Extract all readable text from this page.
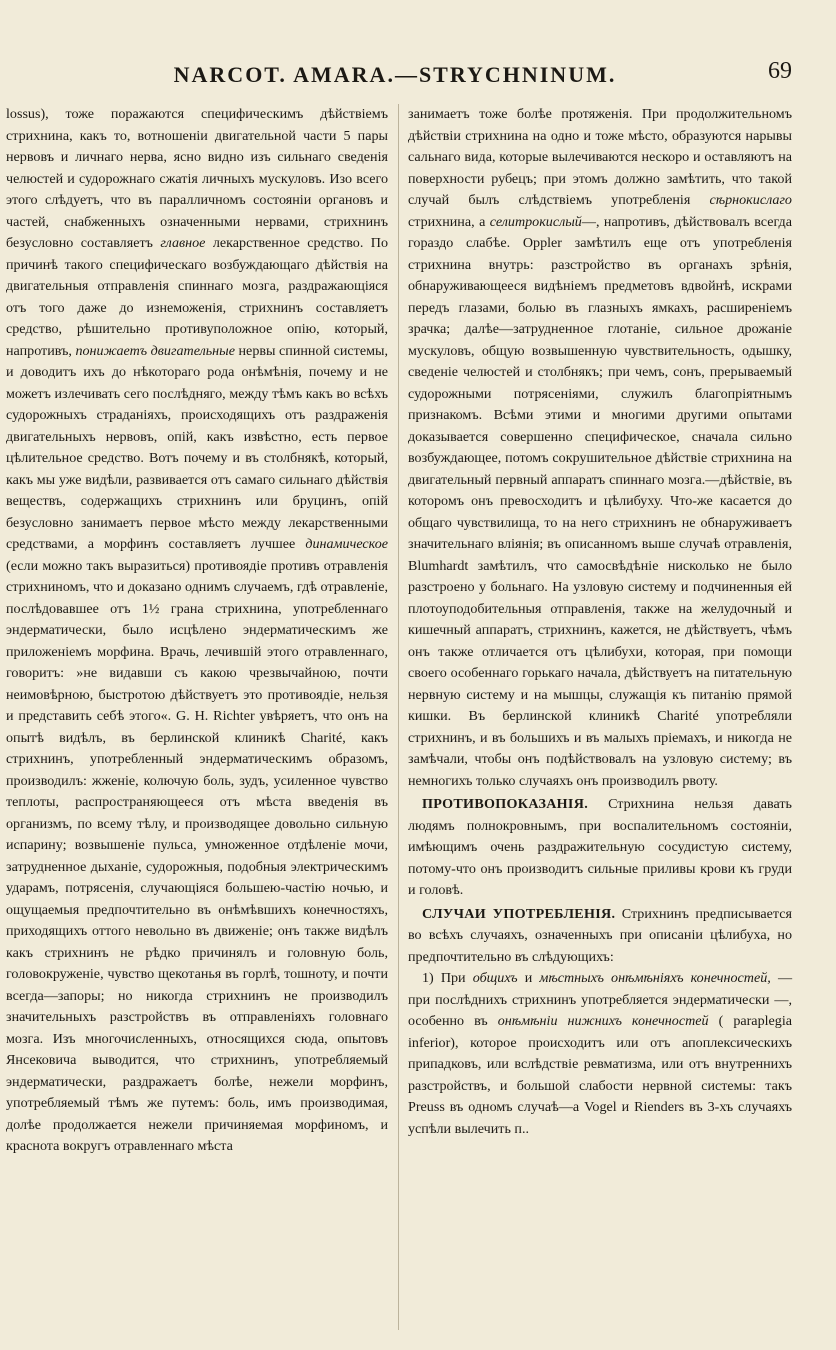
NARCOT. AMARA.—STRYCHNINUM.	69

lossus), тоже поражаются специфическимъ дѣйствіемъ стрихнина, какъ то, вотношеніи двигательной части 5 пары нервовъ и личнаго нерва, ясно видно изъ сильнаго сведенія челюстей и судорожнаго сжатія личныхъ мускуловъ. Изо всего этого слѣдуетъ, что въ паралличномъ состояніи органовъ и частей, снабженныхъ означенными нервами, стрихнинъ безусловно составляетъ главное лекарственное средство. По причинѣ такого специфическаго возбуждающаго дѣйствія на двигательныя отправленія спиннаго мозга, раздражающіяся отъ того даже до изнеможенія, стрихнинъ составляетъ средство, рѣшительно противуположное опію, который, напротивъ, понижаетъ двигательные нервы спинной системы, и доводитъ ихъ до нѣкотораго рода онѣмѣнія, почему и не можетъ излечивать сего послѣдняго, между тѣмъ какъ во всѣхъ судорожныхъ страданіяхъ, происходящихъ отъ раздраженія двигательныхъ нервовъ, опій, какъ извѣстно, есть первое цѣлительное средство. Вотъ почему и въ столбнякѣ, который, какъ мы уже видѣли, развивается отъ самаго сильнаго дѣйствія веществъ, содержащихъ стрихнинъ или бруцинъ, опій безусловно занимаетъ первое мѣсто между лекарственными средствами, а морфинъ составляетъ лучшее динамическое (если можно такъ выразиться) противоядіе противъ отравленія стрихниномъ, что и доказано однимъ случаемъ, гдѣ отравленіе, послѣдовавшее отъ 1½ грана стрихнина, употребленнаго эндерматически, было исцѣлено эндерматическимъ же приложеніемъ морфина. Врачь, лечившій этого отравленнаго, говоритъ: »не видавши съ какою чрезвычайною, почти неимовѣрною, быстротою дѣйствуетъ это противоядіе, нельзя и представить себѣ этого«. G. H. Richter увѣряетъ, что онъ на опытѣ видѣлъ, въ берлинской клиникѣ Charité, какъ стрихнинъ, употребленный эндерматическимъ образомъ, производилъ: жженіе, колючую боль, зудъ, усиленное чувство теплоты, распространяющееся отъ мѣста введенія въ организмъ, по всему тѣлу, и производящее довольно сильную испарину; возвышеніе пульса, умноженное отдѣленіе мочи, затрудненное дыханіе, судорожныя, подобныя электрическимъ ударамъ, потрясенія, случающіяся большею-частію ночью, и ощущаемыя предпочтительно въ онѣмѣвшихъ конечностяхъ, приходящихъ оттого невольно въ движеніе; онъ также видѣлъ какъ стрихнинъ не рѣдко причинялъ и головную боль, головокруженіе, чувство щекотанья въ горлѣ, тошноту, и почти всегда—запоры; но никогда стрихнинъ не производилъ значительныхъ разстройствъ въ отправленіяхъ головнаго мозга. Изъ многочисленныхъ, относящихся сюда, опытовъ Янсековича выводится, что стрихнинъ, употребляемый эндерматически, раздражаетъ болѣе, нежели морфинъ, употребляемый тѣмъ же путемъ: боль, имъ производимая, долѣе продолжается нежели причиняемая морфиномъ, и краснота вокругъ отравленнаго мѣста

занимаетъ тоже болѣе протяженія. При продолжительномъ дѣйствіи стрихнина на одно и тоже мѣсто, образуются нарывы сальнаго вида, которые вылечиваются нескоро и оставляютъ на поверхности рубецъ; при этомъ должно замѣтить, что такой случай былъ слѣдствіемъ употребленія сѣрнокислаго стрихнина, а селитрокислый—, напротивъ, дѣйствовалъ всегда гораздо слабѣе. Oppler замѣтилъ еще отъ употребленія стрихнина внутрь: разстройство въ органахъ зрѣнія, обнаруживающееся видѣніемъ предметовъ вдвойнѣ, искрами передъ глазами, болью въ глазныхъ ямкахъ, расширеніемъ зрачка; далѣе—затрудненное глотаніе, сильное дрожаніе мускуловъ, общую возвышенную чувствительность, одышку, сведеніе челюстей и столбнякъ; при чемъ, сонъ, прерываемый судорожными потрясеніями, служилъ благопріятнымъ признакомъ. Всѣми этими и многими другими опытами доказывается совершенно специфическое, сначала сильно возбуждающее, потомъ сокрушительное дѣйствіе стрихнина на двигательный первный аппаратъ спиннаго мозга.—дѣйствіе, въ которомъ онъ превосходитъ и цѣлибуху. Что-же касается до общаго чувствилища, то на него стрихнинъ не обнаруживаетъ значительнаго вліянія; въ описанномъ выше случаѣ отравленія, Blumhardt замѣтилъ, что самосвѣдѣніе нисколько не было разстроено у больнаго. На узловую систему и подчиненныя ей плотоуподобительныя отправленія, также на желудочный и кишечный аппаратъ, стрихнинъ, кажется, не дѣйствуетъ, чѣмъ онъ также отличается отъ цѣлибухи, которая, при помощи своего особеннаго горькаго начала, дѣйствуетъ на питательную нервную систему и на мышцы, служащія къ питанію прямой кишки. Въ берлинской клиникѣ Charité употребляли стрихнинъ, и въ большихъ и въ малыхъ пріемахъ, и никогда не замѣчали, чтобы онъ подѣйствовалъ на узловую систему; въ немногихъ только случаяхъ онъ производилъ рвоту.

ПРОТИВОПОКАЗАНІЯ. Стрихнина нельзя давать людямъ полнокровнымъ, при воспалительномъ состояніи, имѣющимъ очень раздражительную сосудистую систему, потому-что онъ производитъ сильные приливы крови къ груди и головѣ.

СЛУЧАИ УПОТРЕБЛЕНІЯ. Стрихнинъ предписывается во всѣхъ случаяхъ, означенныхъ при описаніи цѣлибуха, но предпочтительно въ слѣдующихъ:

1) При общихъ и мѣстныхъ онѣмѣніяхъ конечностей, — при послѣднихъ стрихнинъ употребляется эндерматически —, особенно въ онѣмѣніи нижнихъ конечностей ( paraplegia inferior), которое происходитъ или отъ апоплексическихъ припадковъ, или вслѣдствіе ревматизма, или отъ внутреннихъ разстройствъ, и большой слабости нервной системы: такъ Preuss въ одномъ случаѣ—а Vogel и Rienders въ 3-хъ случаяхъ успѣли вылечить п..
